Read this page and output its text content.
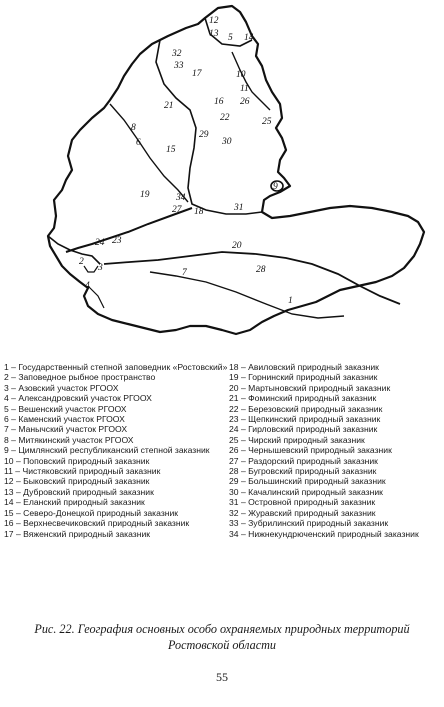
12
13 5 14
32
33
17	10
11
26
16
22	25
21
8
6
29
30
15
9
19	34
27 18	31
24 23
2
3
20
7	28
4
1
1 – Государственный степной заповедник «Ростовский»
2 – Заповедное рыбное пространство
3 – Азовский участок РГООХ
4 – Александровский участок РГООХ
5 – Вешенский участок РГООХ
6 – Каменский участок РГООХ
7 – Манычский участок РГООХ
8 – Митякинский участок РГООХ
9 – Цимлянский республиканский степной заказник
10 – Поповский природный заказник
11 – Чистяковский природный заказник
12 – Быковский природный заказник
13 – Дубровский природный заказник
14 – Еланский природный заказник
15 – Северо-Донецкой природный заказник
16 – Верхнесвечиковский природный заказник
17 – Вяженский природный заказник
18 – Авиловский природный заказник
19 – Горнинский природный заказник
20 – Мартыновский природный заказник
21 – Фоминский природный заказник
22 – Березовский природный заказник
23 – Щепкинский природный заказник
24 – Гирловский природный заказник
25 – Чирский природный заказник
26 – Чернышевский природный заказник
27 – Раздорский природный заказник
28 – Бугровский природный заказник
29 – Большинский природный заказник
30 – Качалинский природный заказник
31 – Островной природный заказник
32 – Журавский природный заказник
33 – Зубрилинский природный заказник
34 – Нижнекундрюченский природный заказник
Рис. 22. География основных особо охраняемых природных территорий Ростовской области
55
